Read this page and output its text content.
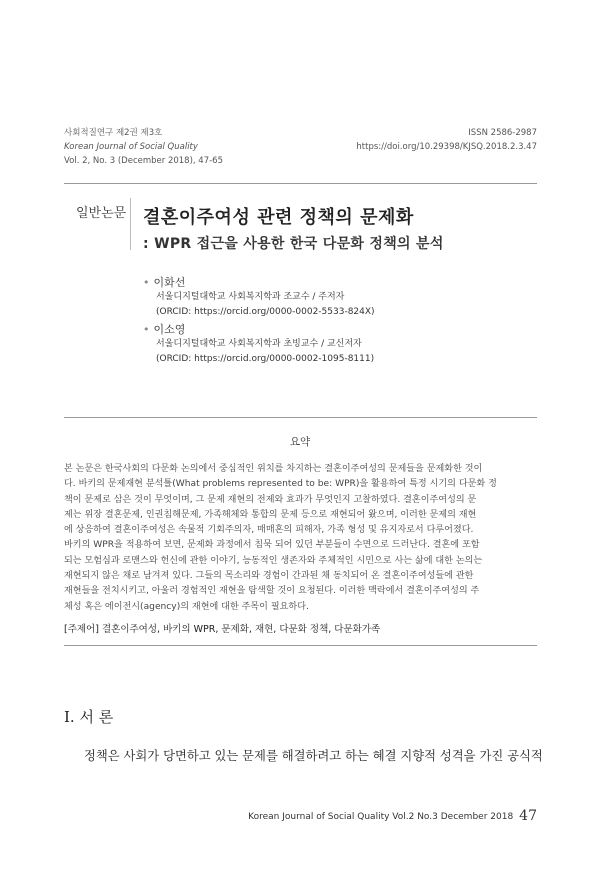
사회적질연구 제2권 제3호
Korean Journal of Social Quality
Vol. 2, No. 3 (December 2018), 47-65
ISSN 2586-2987
https://doi.org/10.29398/KJSQ.2018.2.3.47
일반논문 결혼이주여성 관련 정책의 문제화
: WPR 접근을 사용한 한국 다문화 정책의 분석
• 이화선
서울디지털대학교 사회복지학과 조교수 / 주저자
(ORCID: https://orcid.org/0000-0002-5533-824X)
• 이소영
서울디지털대학교 사회복지학과 초빙교수 / 교신저자
(ORCID: https://orcid.org/0000-0002-1095-8111)
요약
본 논문은 한국사회의 다문화 논의에서 중심적인 위치를 차지하는 결혼이주여성의 문제들을 문제화한 것이
다. 바키의 문제재현 분석틀(What problems represented to be: WPR)을 활용하여 특정 시기의 다문화 정
책이 문제로 삼은 것이 무엇이며, 그 문제 재현의 전제와 효과가 무엇인지 고찰하였다. 결혼이주여성의 문
제는 위장 결혼문제, 인권침해문제, 가족해체와 통합의 문제 등으로 재현되어 왔으며, 이러한 문제의 재현
에 상응하여 결혼이주여성은 속물적 기회주의자, 매매혼의 피해자, 가족 형성 및 유지자로서 다루어졌다.
바키의 WPR을 적용하여 보면, 문제화 과정에서 침묵 되어 있던 부분들이 수면으로 드러난다. 결혼에 포함
되는 모험심과 로맨스와 헌신에 관한 이야기, 능동적인 생존자와 주체적인 시민으로 사는 삶에 대한 논의는
재현되지 않은 채로 남겨져 있다. 그들의 목소리와 경험이 간과된 채 동치되어 온 결혼이주여성들에 관한
재현들을 전치시키고, 아울러 경험적인 재현을 탐색할 것이 요청된다. 이러한 맥락에서 결혼이주여성의 주
체성 혹은 에이전시(agency)의 재현에 대한 주목이 필요하다.
[주제어] 결혼이주여성, 바키의 WPR, 문제화, 재현, 다문화 정책, 다문화가족
Ⅰ. 서 론
정책은 사회가 당면하고 있는 문제를 해결하려고 하는 혜결 지향적 성격을 가진 공식적
Korean Journal of Social Quality Vol.2 No.3 December 2018 47
